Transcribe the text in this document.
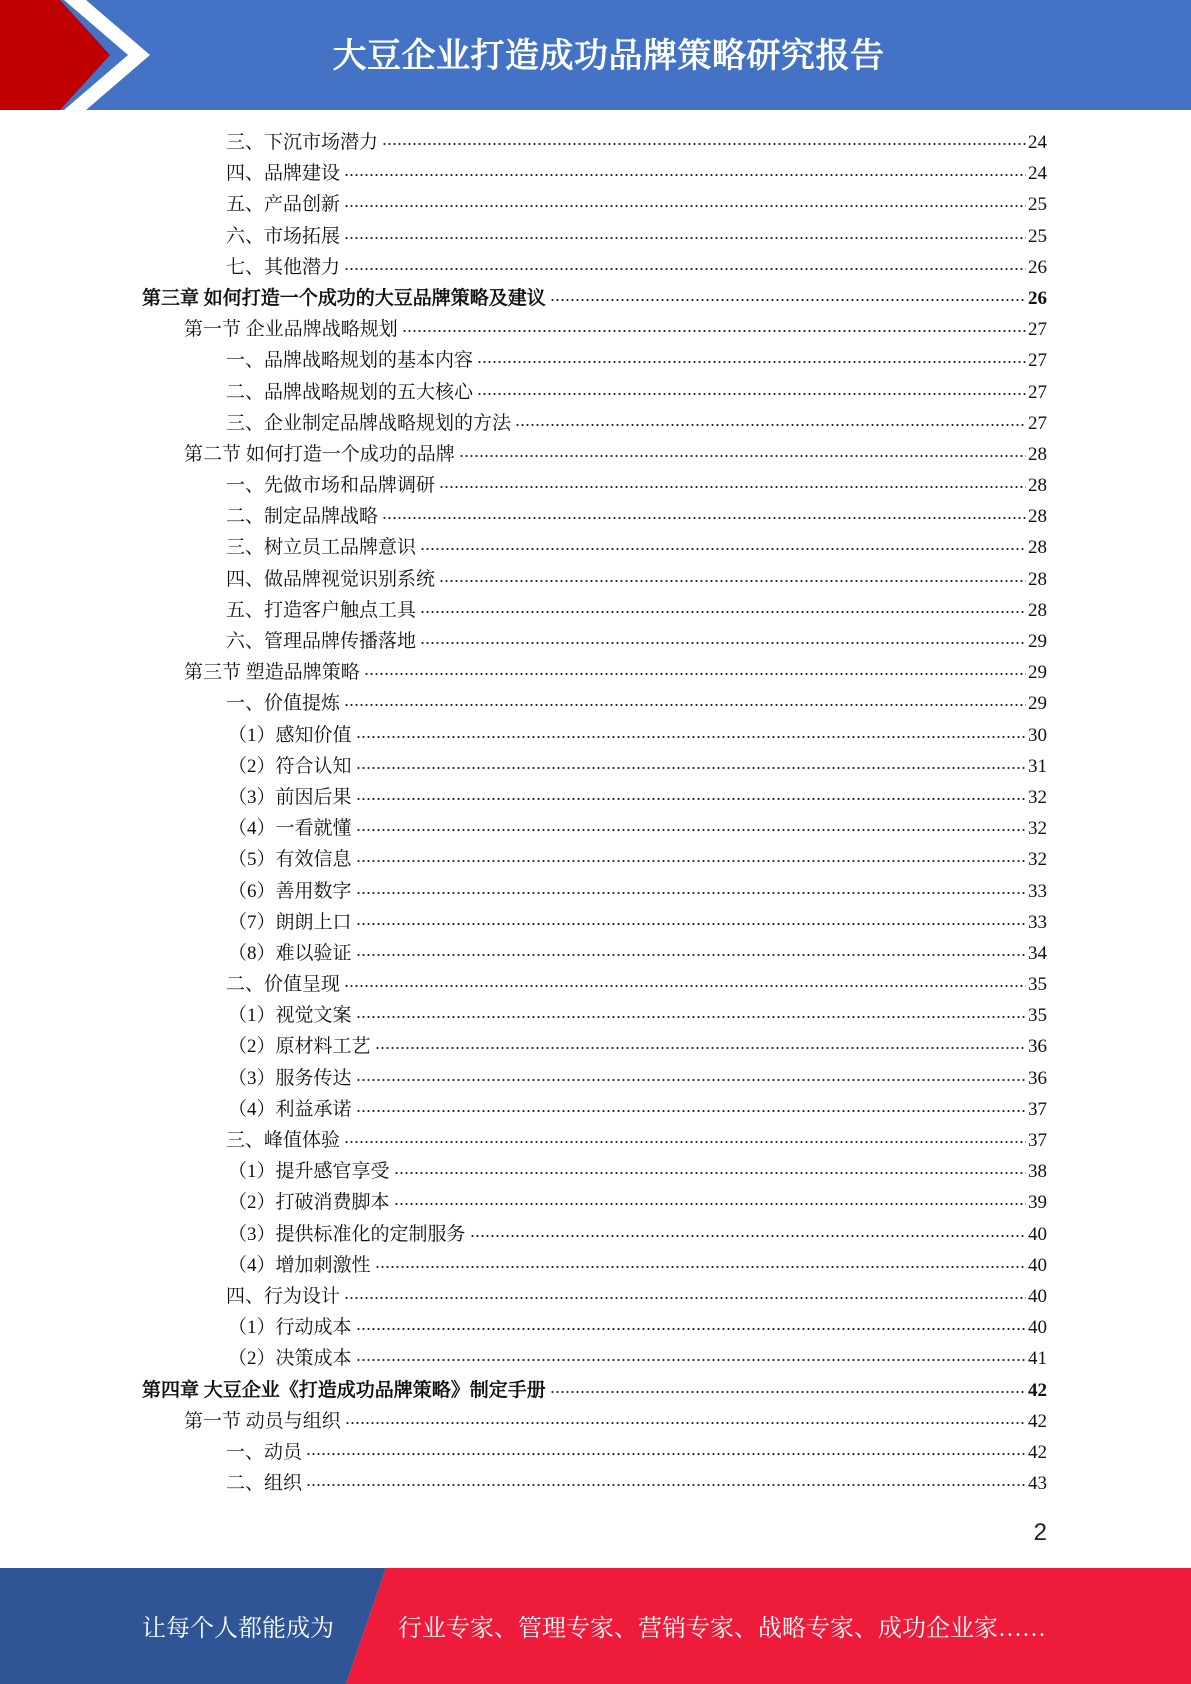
大豆企业打造成功品牌策略研究报告
三、下沉市场潜力	24
四、品牌建设	24
五、产品创新	25
六、市场拓展	25
七、其他潜力	26
第三章 如何打造一个成功的大豆品牌策略及建议	26
第一节 企业品牌战略规划	27
一、品牌战略规划的基本内容	27
二、品牌战略规划的五大核心	27
三、企业制定品牌战略规划的方法	27
第二节 如何打造一个成功的品牌	28
一、先做市场和品牌调研	28
二、制定品牌战略	28
三、树立员工品牌意识	28
四、做品牌视觉识别系统	28
五、打造客户触点工具	28
六、管理品牌传播落地	29
第三节 塑造品牌策略	29
一、价值提炼	29
（1）感知价值	30
（2）符合认知	31
（3）前因后果	32
（4）一看就懂	32
（5）有效信息	32
（6）善用数字	33
（7）朗朗上口	33
（8）难以验证	34
二、价值呈现	35
（1）视觉文案	35
（2）原材料工艺	36
（3）服务传达	36
（4）利益承诺	37
三、峰值体验	37
（1）提升感官享受	38
（2）打破消费脚本	39
（3）提供标准化的定制服务	40
（4）增加刺激性	40
四、行为设计	40
（1）行动成本	40
（2）决策成本	41
第四章 大豆企业《打造成功品牌策略》制定手册	42
第一节 动员与组织	42
一、动员	42
二、组织	43
2
让每个人都能成为	行业专家、管理专家、营销专家、战略专家、成功企业家……
